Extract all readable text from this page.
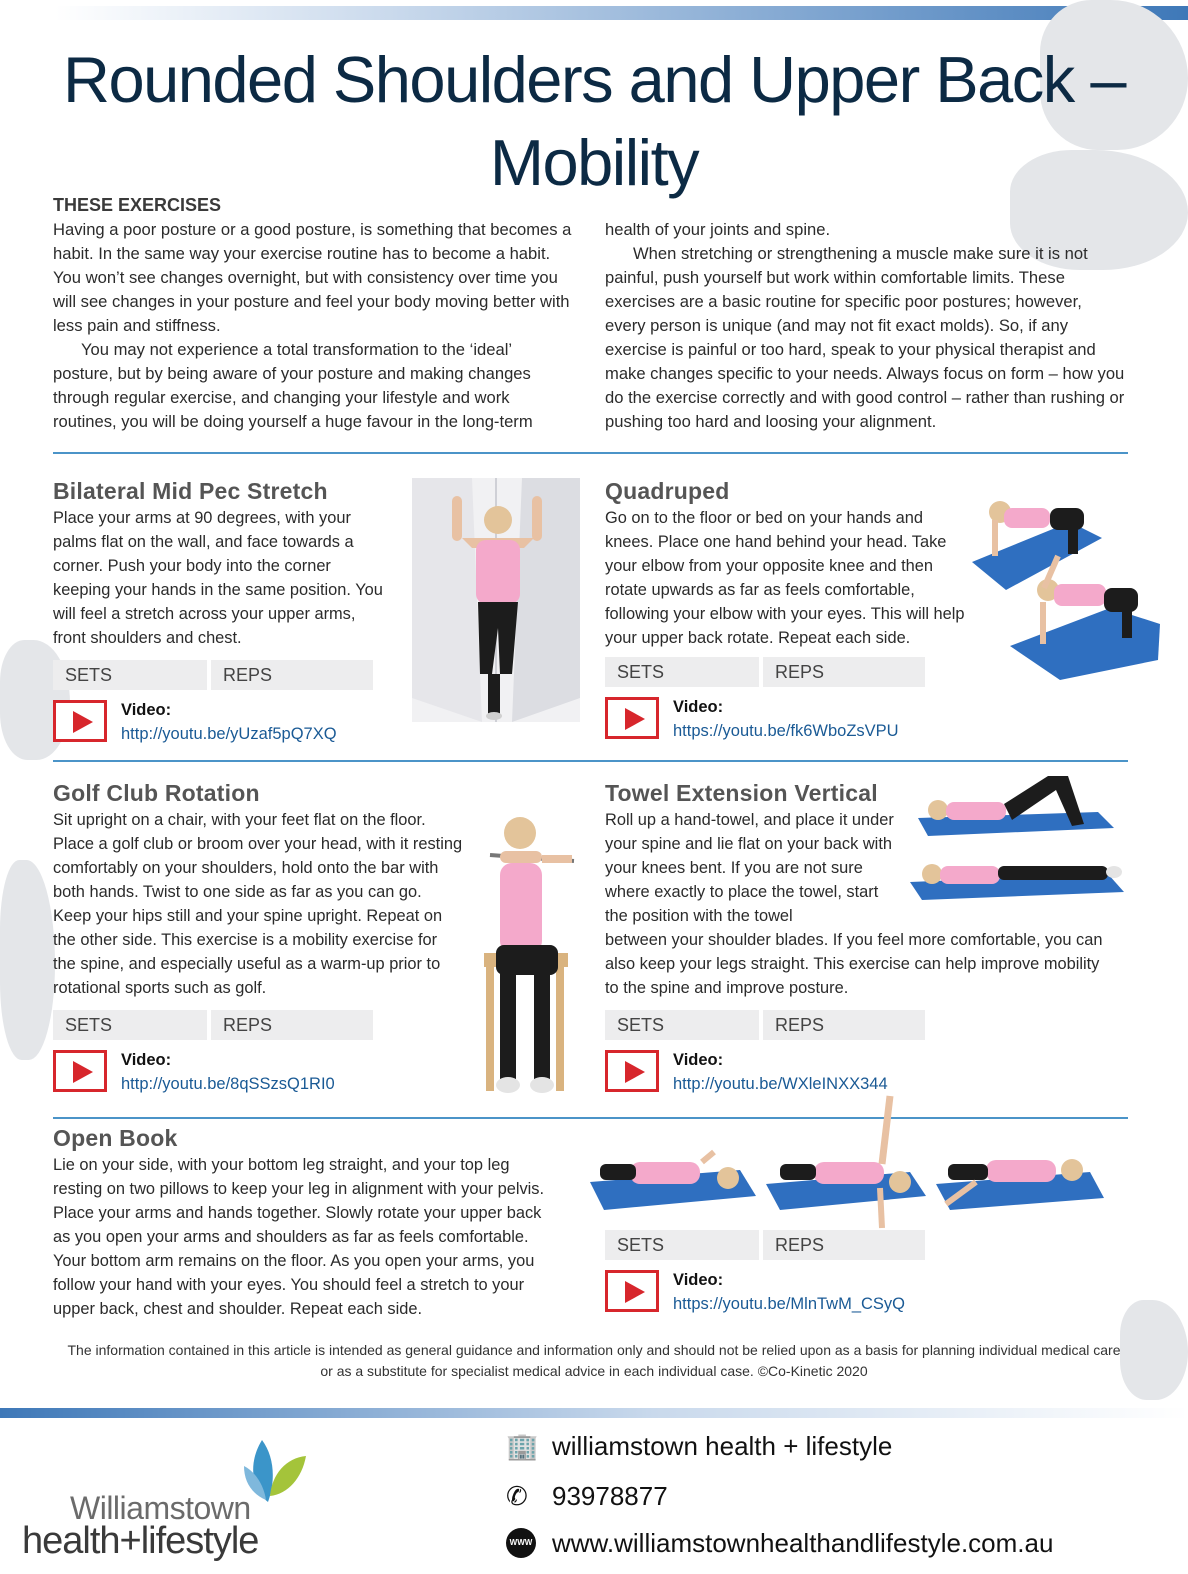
Rounded Shoulders and Upper Back –
Mobility
THESE EXERCISES

Having a poor posture or a good posture, is something that becomes a habit. In the same way your exercise routine has to become a habit. You won’t see changes overnight, but with consistency over time you will see changes in your posture and feel your body moving better with less pain and stiffness.

You may not experience a total transformation to the ‘ideal’ posture, but by being aware of your posture and making changes through regular exercise, and changing your lifestyle and work routines, you will be doing yourself a huge favour in the long-term

health of your joints and spine.

When stretching or strengthening a muscle make sure it is not painful, push yourself but work within comfortable limits. These exercises are a basic routine for specific poor postures; however, every person is unique (and may not fit exact molds). So, if any exercise is painful or too hard, speak to your physical therapist and make changes specific to your needs. Always focus on form – how you do the exercise correctly and with good control – rather than rushing or pushing too hard and loosing your alignment.

Bilateral Mid Pec Stretch
Place your arms at 90 degrees, with your palms flat on the wall, and face towards a corner. Push your body into the corner keeping your hands in the same position. You will feel a stretch across your upper arms, front shoulders and chest.
SETS	REPS
Video:
http://youtu.be/yUzaf5pQ7XQ
Quadruped
Go on to the floor or bed on your hands and knees. Place one hand behind your head. Take your elbow from your opposite knee and then rotate upwards as far as feels comfortable, following your elbow with your eyes. This will help your upper back rotate. Repeat each side.
SETS	REPS
Video:
https://youtu.be/fk6WboZsVPU
Golf Club Rotation
Sit upright on a chair, with your feet flat on the floor. Place a golf club or broom over your head, with it resting comfortably on your shoulders, hold onto the bar with both hands. Twist to one side as far as you can go. Keep your hips still and your spine upright. Repeat on the other side. This exercise is a mobility exercise for the spine, and especially useful as a warm-up prior to rotational sports such as golf.
SETS	REPS
Video:
http://youtu.be/8qSSzsQ1RI0
Towel Extension Vertical
Roll up a hand-towel, and place it under your spine and lie flat on your back with your knees bent. If you are not sure where exactly to place the towel, start the position with the towel
between your shoulder blades. If you feel more comfortable, you can also keep your legs straight. This exercise can help improve mobility to the spine and improve posture.
SETS	REPS
Video:
http://youtu.be/WXleINXX344
Open Book
Lie on your side, with your bottom leg straight, and your top leg resting on two pillows to keep your leg in alignment with your pelvis. Place your arms and hands together. Slowly rotate your upper back as you open your arms and shoulders as far as feels comfortable. Your bottom arm remains on the floor. As you open your arms, you follow your hand with your eyes. You should feel a stretch to your upper back, chest and shoulder. Repeat each side.
SETS	REPS
Video:
https://youtu.be/MlnTwM_CSyQ
The information contained in this article is intended as general guidance and information only and should not be relied upon as a basis for planning individual medical care or as a substitute for specialist medical advice in each individual case. ©Co-Kinetic 2020
Williamstown
health+lifestyle
🏢 williamstown health + lifestyle
✆ 93978877
WWW www.williamstownhealthandlifestyle.com.au
